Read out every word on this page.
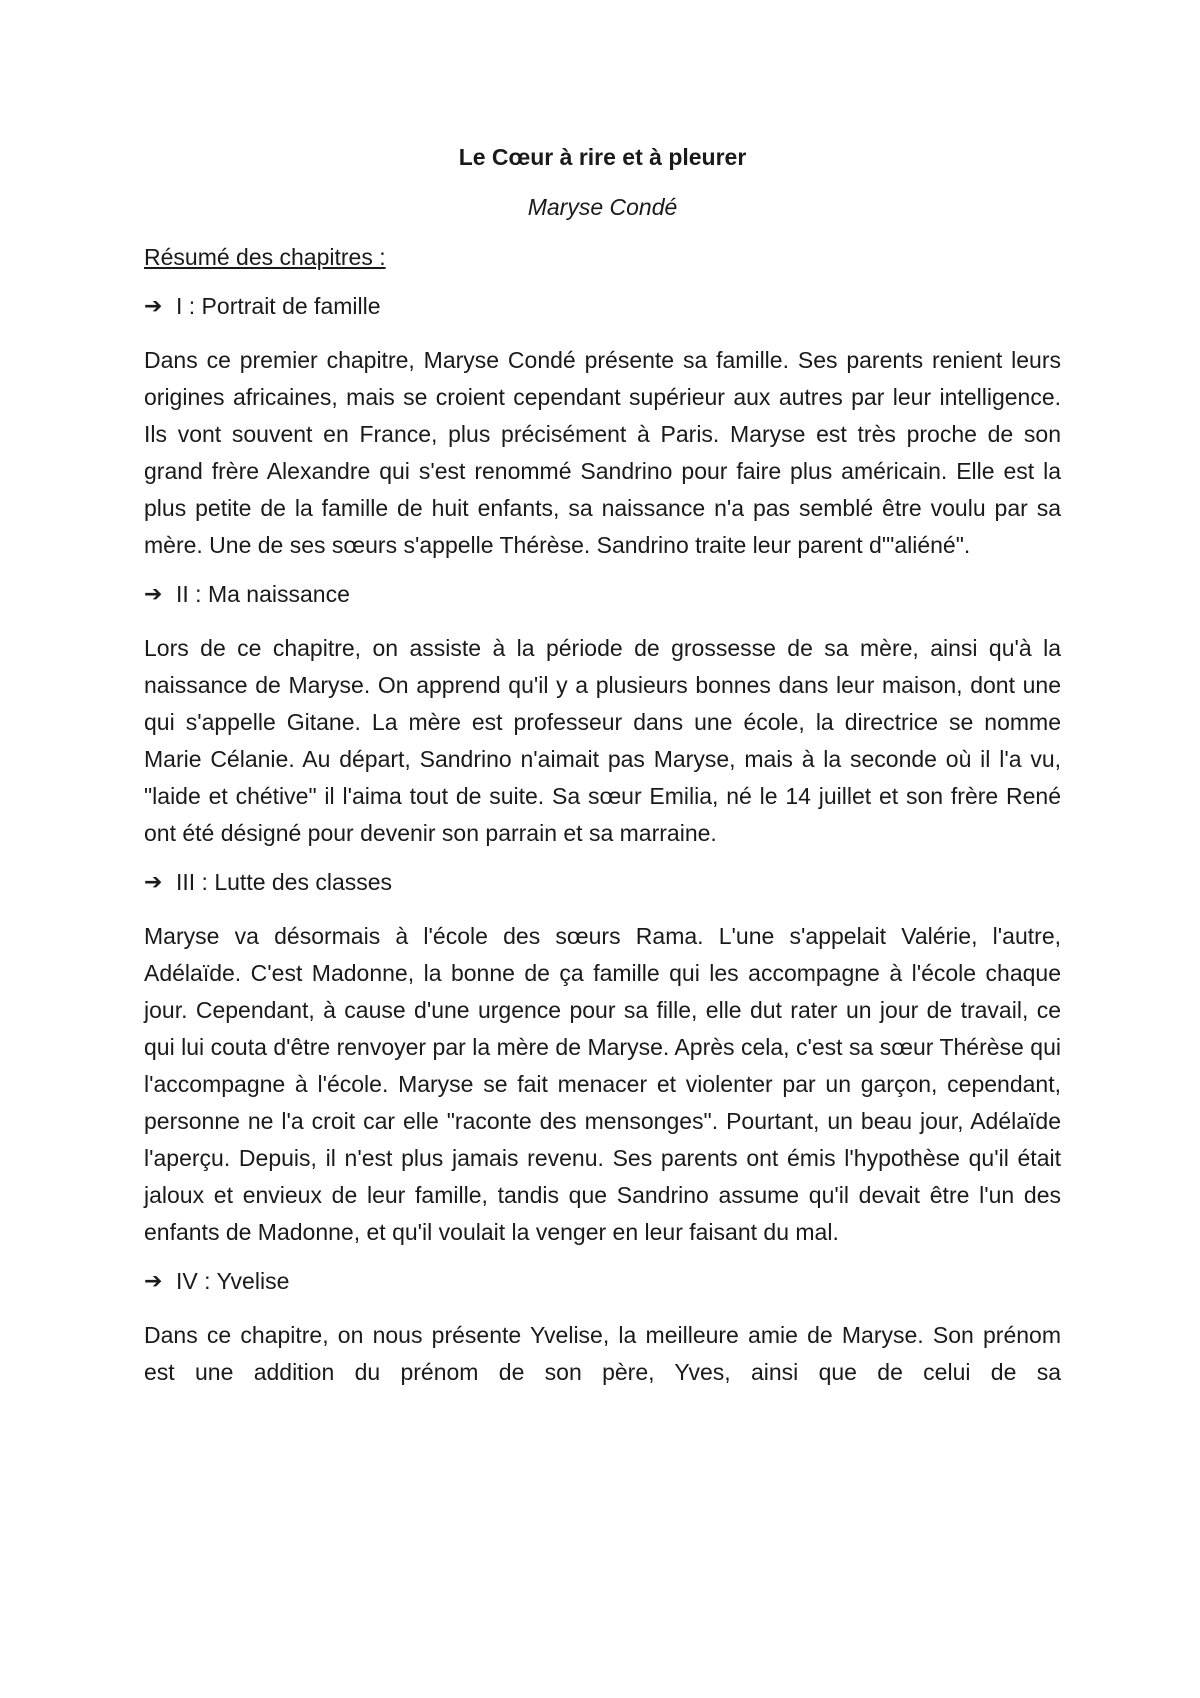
Le Cœur à rire et à pleurer
Maryse Condé
Résumé des chapitres :
➔ I : Portrait de famille

Dans ce premier chapitre, Maryse Condé présente sa famille. Ses parents renient leurs origines africaines, mais se croient cependant supérieur aux autres par leur intelligence. Ils vont souvent en France, plus précisément à Paris. Maryse est très proche de son grand frère Alexandre qui s'est renommé Sandrino pour faire plus américain. Elle est la plus petite de la famille de huit enfants, sa naissance n'a pas semblé être voulu par sa mère. Une de ses sœurs s'appelle Thérèse. Sandrino traite leur parent d'"aliéné".

➔ II : Ma naissance

Lors de ce chapitre, on assiste à la période de grossesse de sa mère, ainsi qu'à la naissance de Maryse. On apprend qu'il y a plusieurs bonnes dans leur maison, dont une qui s'appelle Gitane. La mère est professeur dans une école, la directrice se nomme Marie Célanie. Au départ, Sandrino n'aimait pas Maryse, mais à la seconde où il l'a vu, "laide et chétive" il l'aima tout de suite. Sa sœur Emilia, né le 14 juillet et son frère René ont été désigné pour devenir son parrain et sa marraine.

➔ III : Lutte des classes

Maryse va désormais à l'école des sœurs Rama. L'une s'appelait Valérie, l'autre, Adélaïde. C'est Madonne, la bonne de ça famille qui les accompagne à l'école chaque jour. Cependant, à cause d'une urgence pour sa fille, elle dut rater un jour de travail, ce qui lui couta d'être renvoyer par la mère de Maryse. Après cela, c'est sa sœur Thérèse qui l'accompagne à l'école. Maryse se fait menacer et violenter par un garçon, cependant, personne ne l'a croit car elle "raconte des mensonges". Pourtant, un beau jour, Adélaïde l'aperçu. Depuis, il n'est plus jamais revenu. Ses parents ont émis l'hypothèse qu'il était jaloux et envieux de leur famille, tandis que Sandrino assume qu'il devait être l'un des enfants de Madonne, et qu'il voulait la venger en leur faisant du mal.

➔ IV : Yvelise

Dans ce chapitre, on nous présente Yvelise, la meilleure amie de Maryse. Son prénom est une addition du prénom de son père, Yves, ainsi que de celui de sa
